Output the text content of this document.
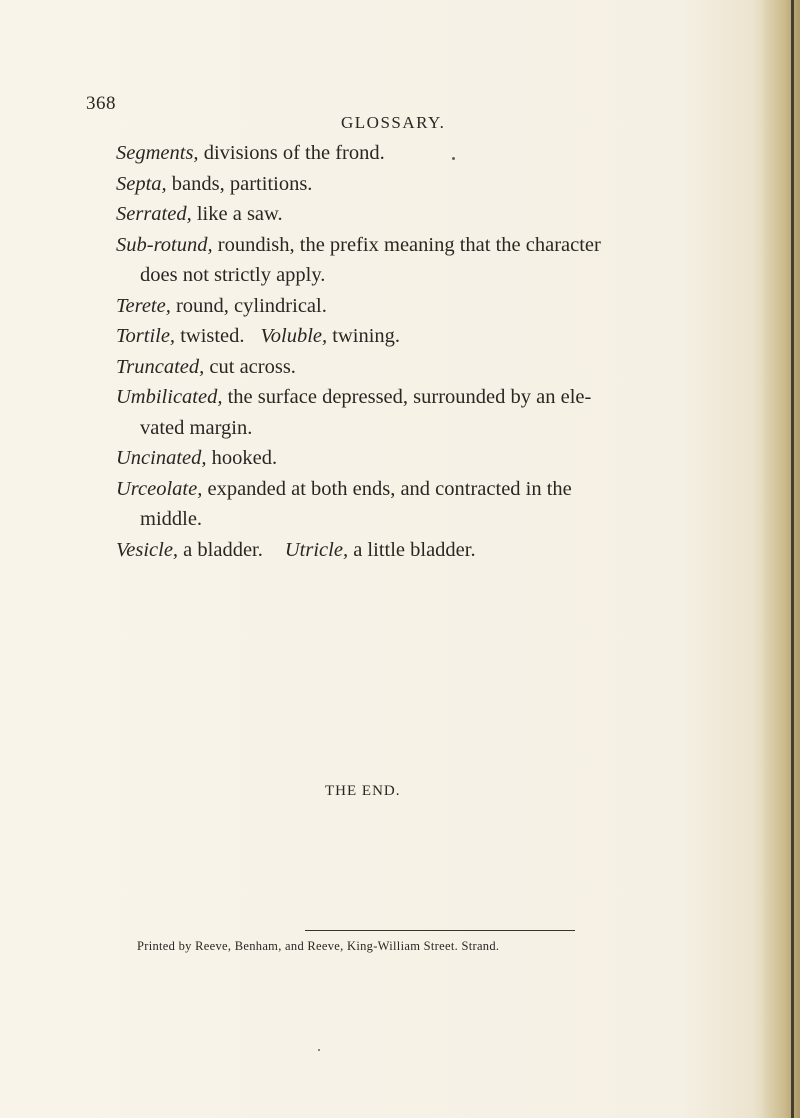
368
GLOSSARY.
Segments, divisions of the frond.
Septa, bands, partitions.
Serrated, like a saw.
Sub-rotund, roundish, the prefix meaning that the character
does not strictly apply.
Terete, round, cylindrical.
Tortile, twisted. Voluble, twining.
Truncated, cut across.
Umbilicated, the surface depressed, surrounded by an ele-
vated margin.
Uncinated, hooked.
Urceolate, expanded at both ends, and contracted in the
middle.
Vesicle, a bladder. Utricle, a little bladder.
THE END.
Printed by Reeve, Benham, and Reeve, King-William Street. Strand.
